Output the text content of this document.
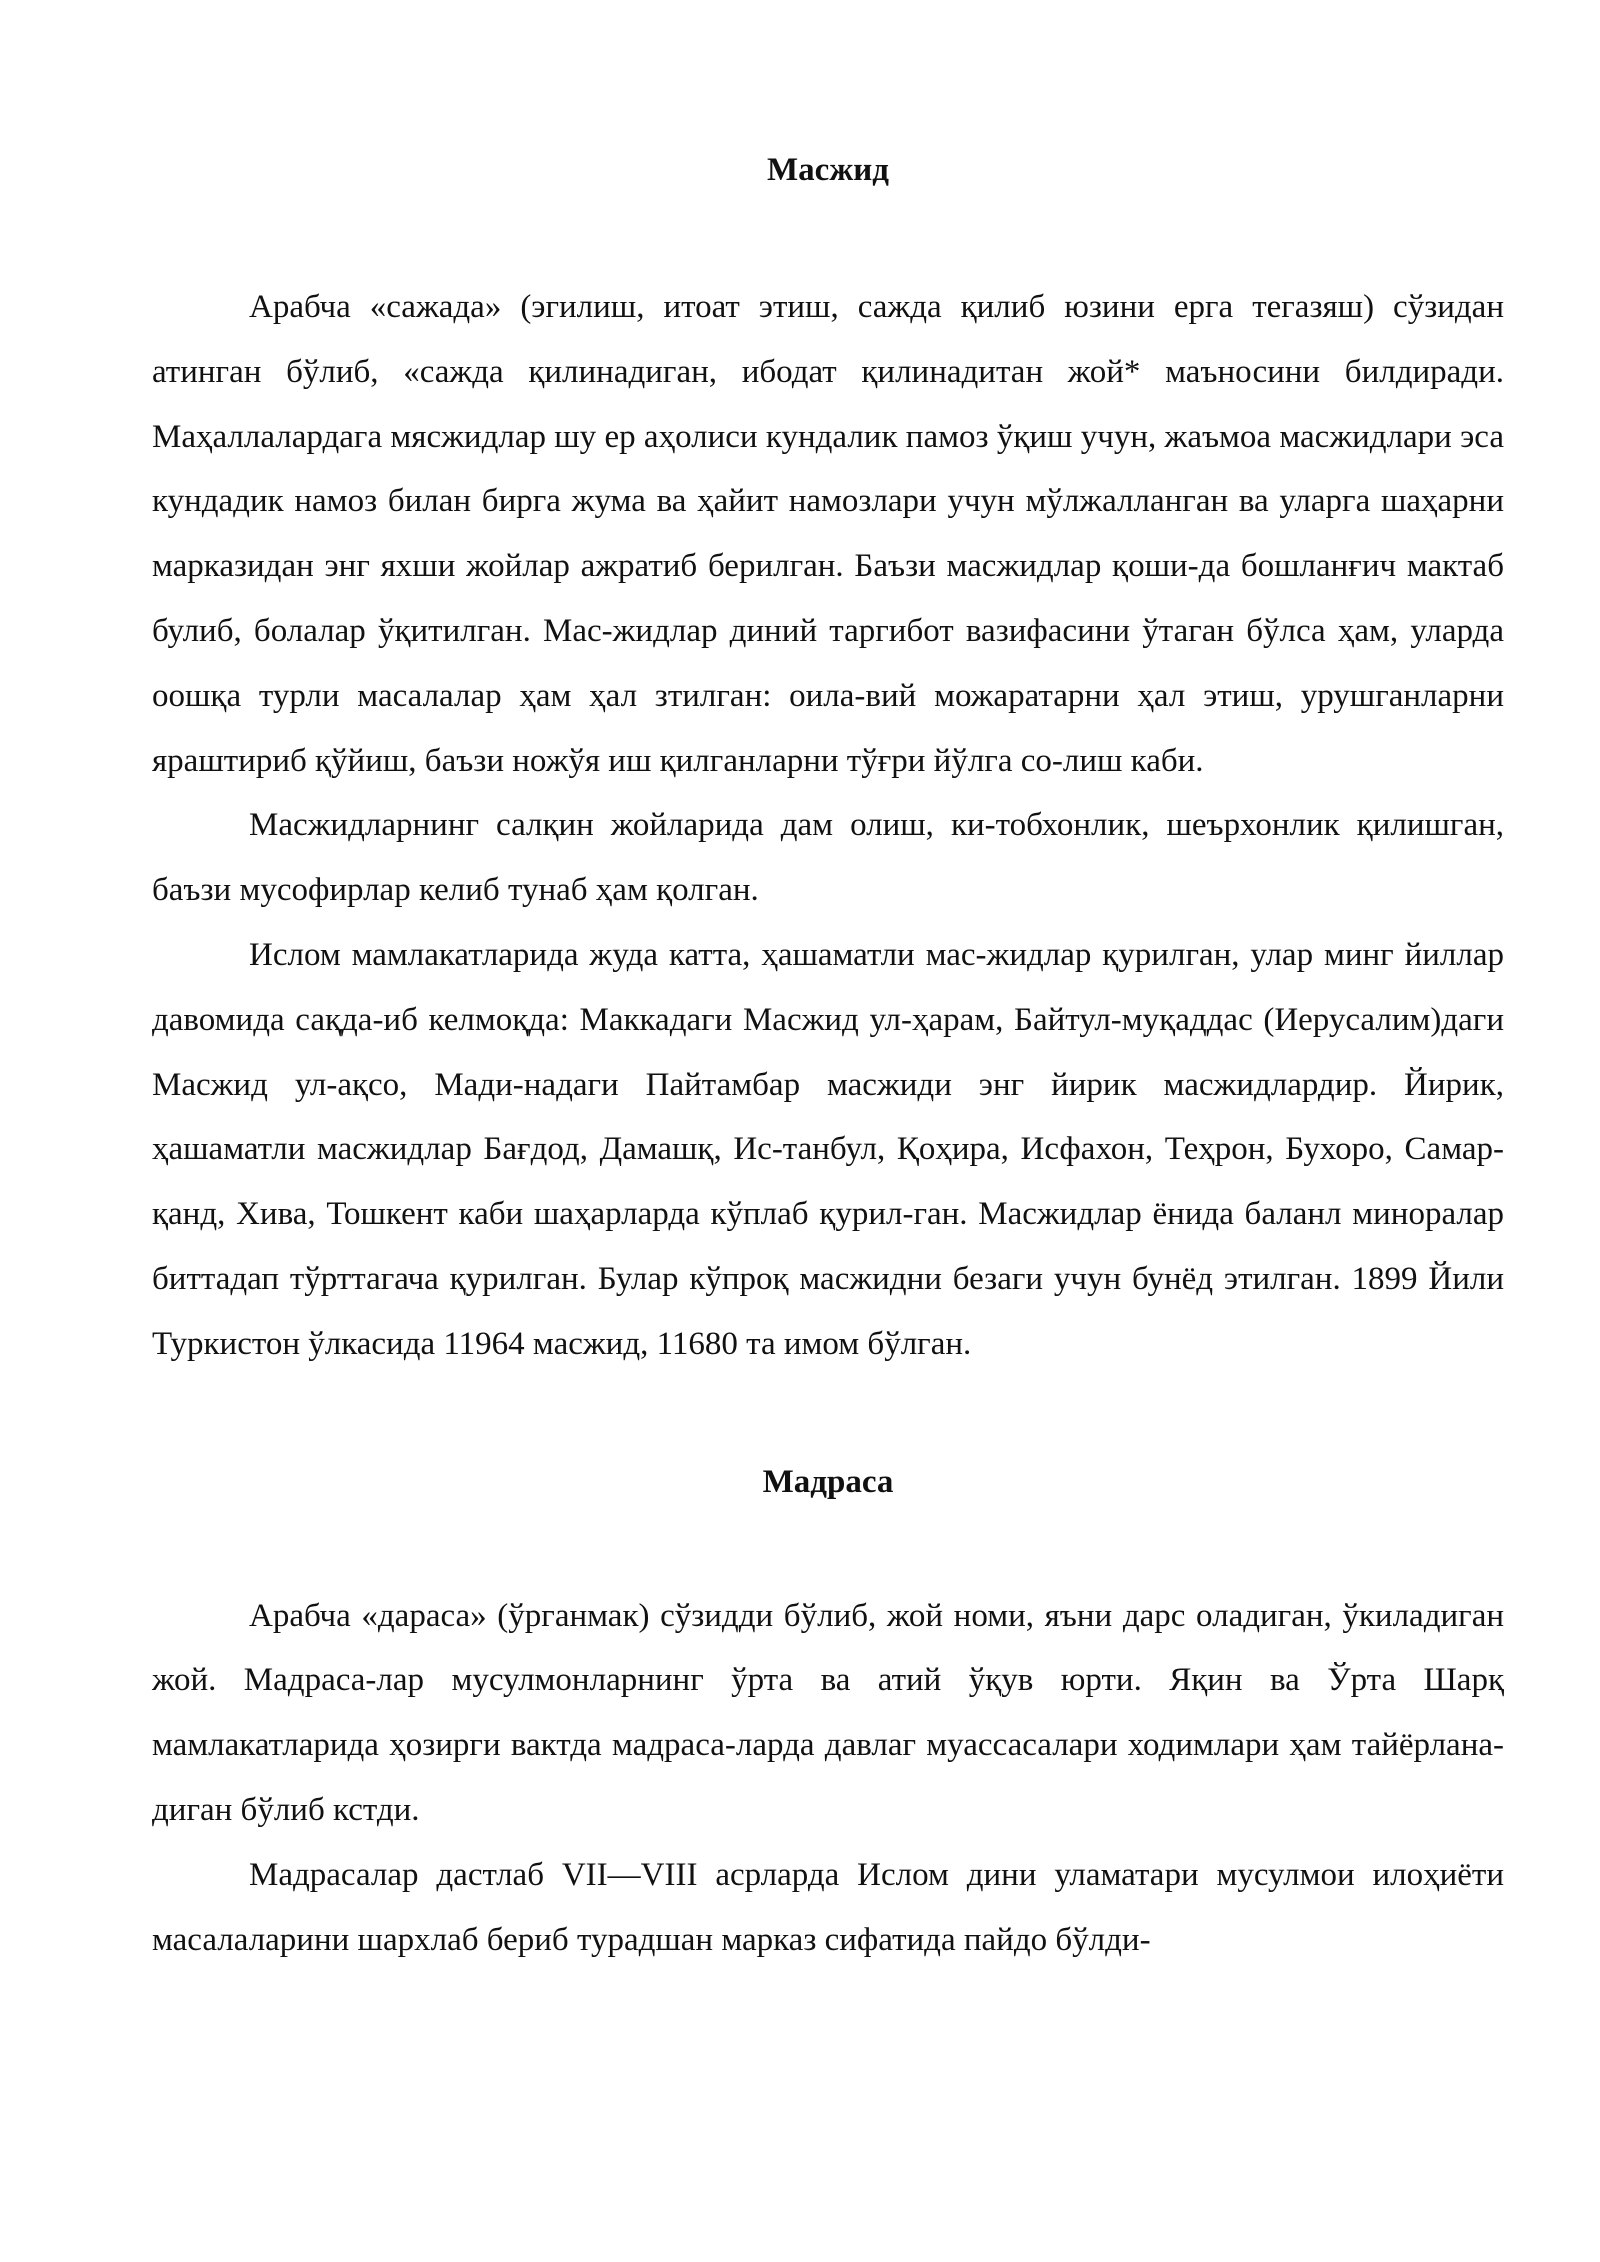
Масжид

Арабча «сажада» (эгилиш, итоат этиш, сажда қилиб юзини ерга тегазяш) сўзидан атинган бўлиб, «сажда қилинадиган, ибодат қилинадитан жой* маъносини билдиради. Маҳаллалардага мясжидлар шу ер аҳолиси кундалик памоз ўқиш учун, жаъмоа масжидлари эса кундадик намоз билан бирга жума ва ҳайит намозлари учун мўлжалланган ва уларга шаҳарни марказидан энг яхши жойлар ажратиб берилган. Баъзи масжидлар қоши-да бошланғич мактаб булиб, болалар ўқитилган. Мас-жидлар диний таргибот вазифасини ўтаган бўлса ҳам, уларда оошқа турли масалалар ҳам ҳал зтилган: оила-вий можаратарни ҳал этиш, урушганларни яраштириб қўйиш, баъзи ножўя иш қилганларни тўғри йўлга со-лиш каби.

Масжидларнинг салқин жойларида дам олиш, ки-тобхонлик, шеърхонлик қилишган, баъзи мусофирлар келиб тунаб ҳам қолган.

Ислом мамлакатларида жуда катта, ҳашаматли мас-жидлар қурилган, улар минг йиллар давомида сақда-иб келмоқда: Маккадаги Масжид ул-ҳарам, Байтул-муқаддас (Иерусалим)даги Масжид ул-ақсо, Мади-надаги Пайтамбар масжиди энг йирик масжидлардир. Йирик, ҳашаматли масжидлар Бағдод, Дамашқ, Ис-танбул, Қоҳира, Исфахон, Теҳрон, Бухоро, Самар-қанд, Хива, Тошкент каби шаҳарларда кўплаб қурил-ган. Масжидлар ёнида баланл миноралар биттадап тўрттагача қурилган. Булар кўпроқ масжидни безаги учун бунёд этилган. 1899 Йили Туркистон ўлкасида 11964 масжид, 11680 та имом бўлган.

Мадраса

Арабча «дараса» (ўрганмак) сўзидди бўлиб, жой номи, яъни дарс оладиган, ўкиладиган жой. Мадраса-лар мусулмонларнинг ўрта ва атий ўқув юрти. Яқин ва Ўрта Шарқ мамлакатларида ҳозирги вактда мадраса-ларда давлаг муассасалари ходимлари ҳам тайёрлана-диган бўлиб кстди.

Мадрасалар дастлаб VII—VIII асрларда Ислом дини уламатари мусулмои илоҳиёти масалаларини шархлаб бериб турадшан марказ сифатида пайдо бўлди-
